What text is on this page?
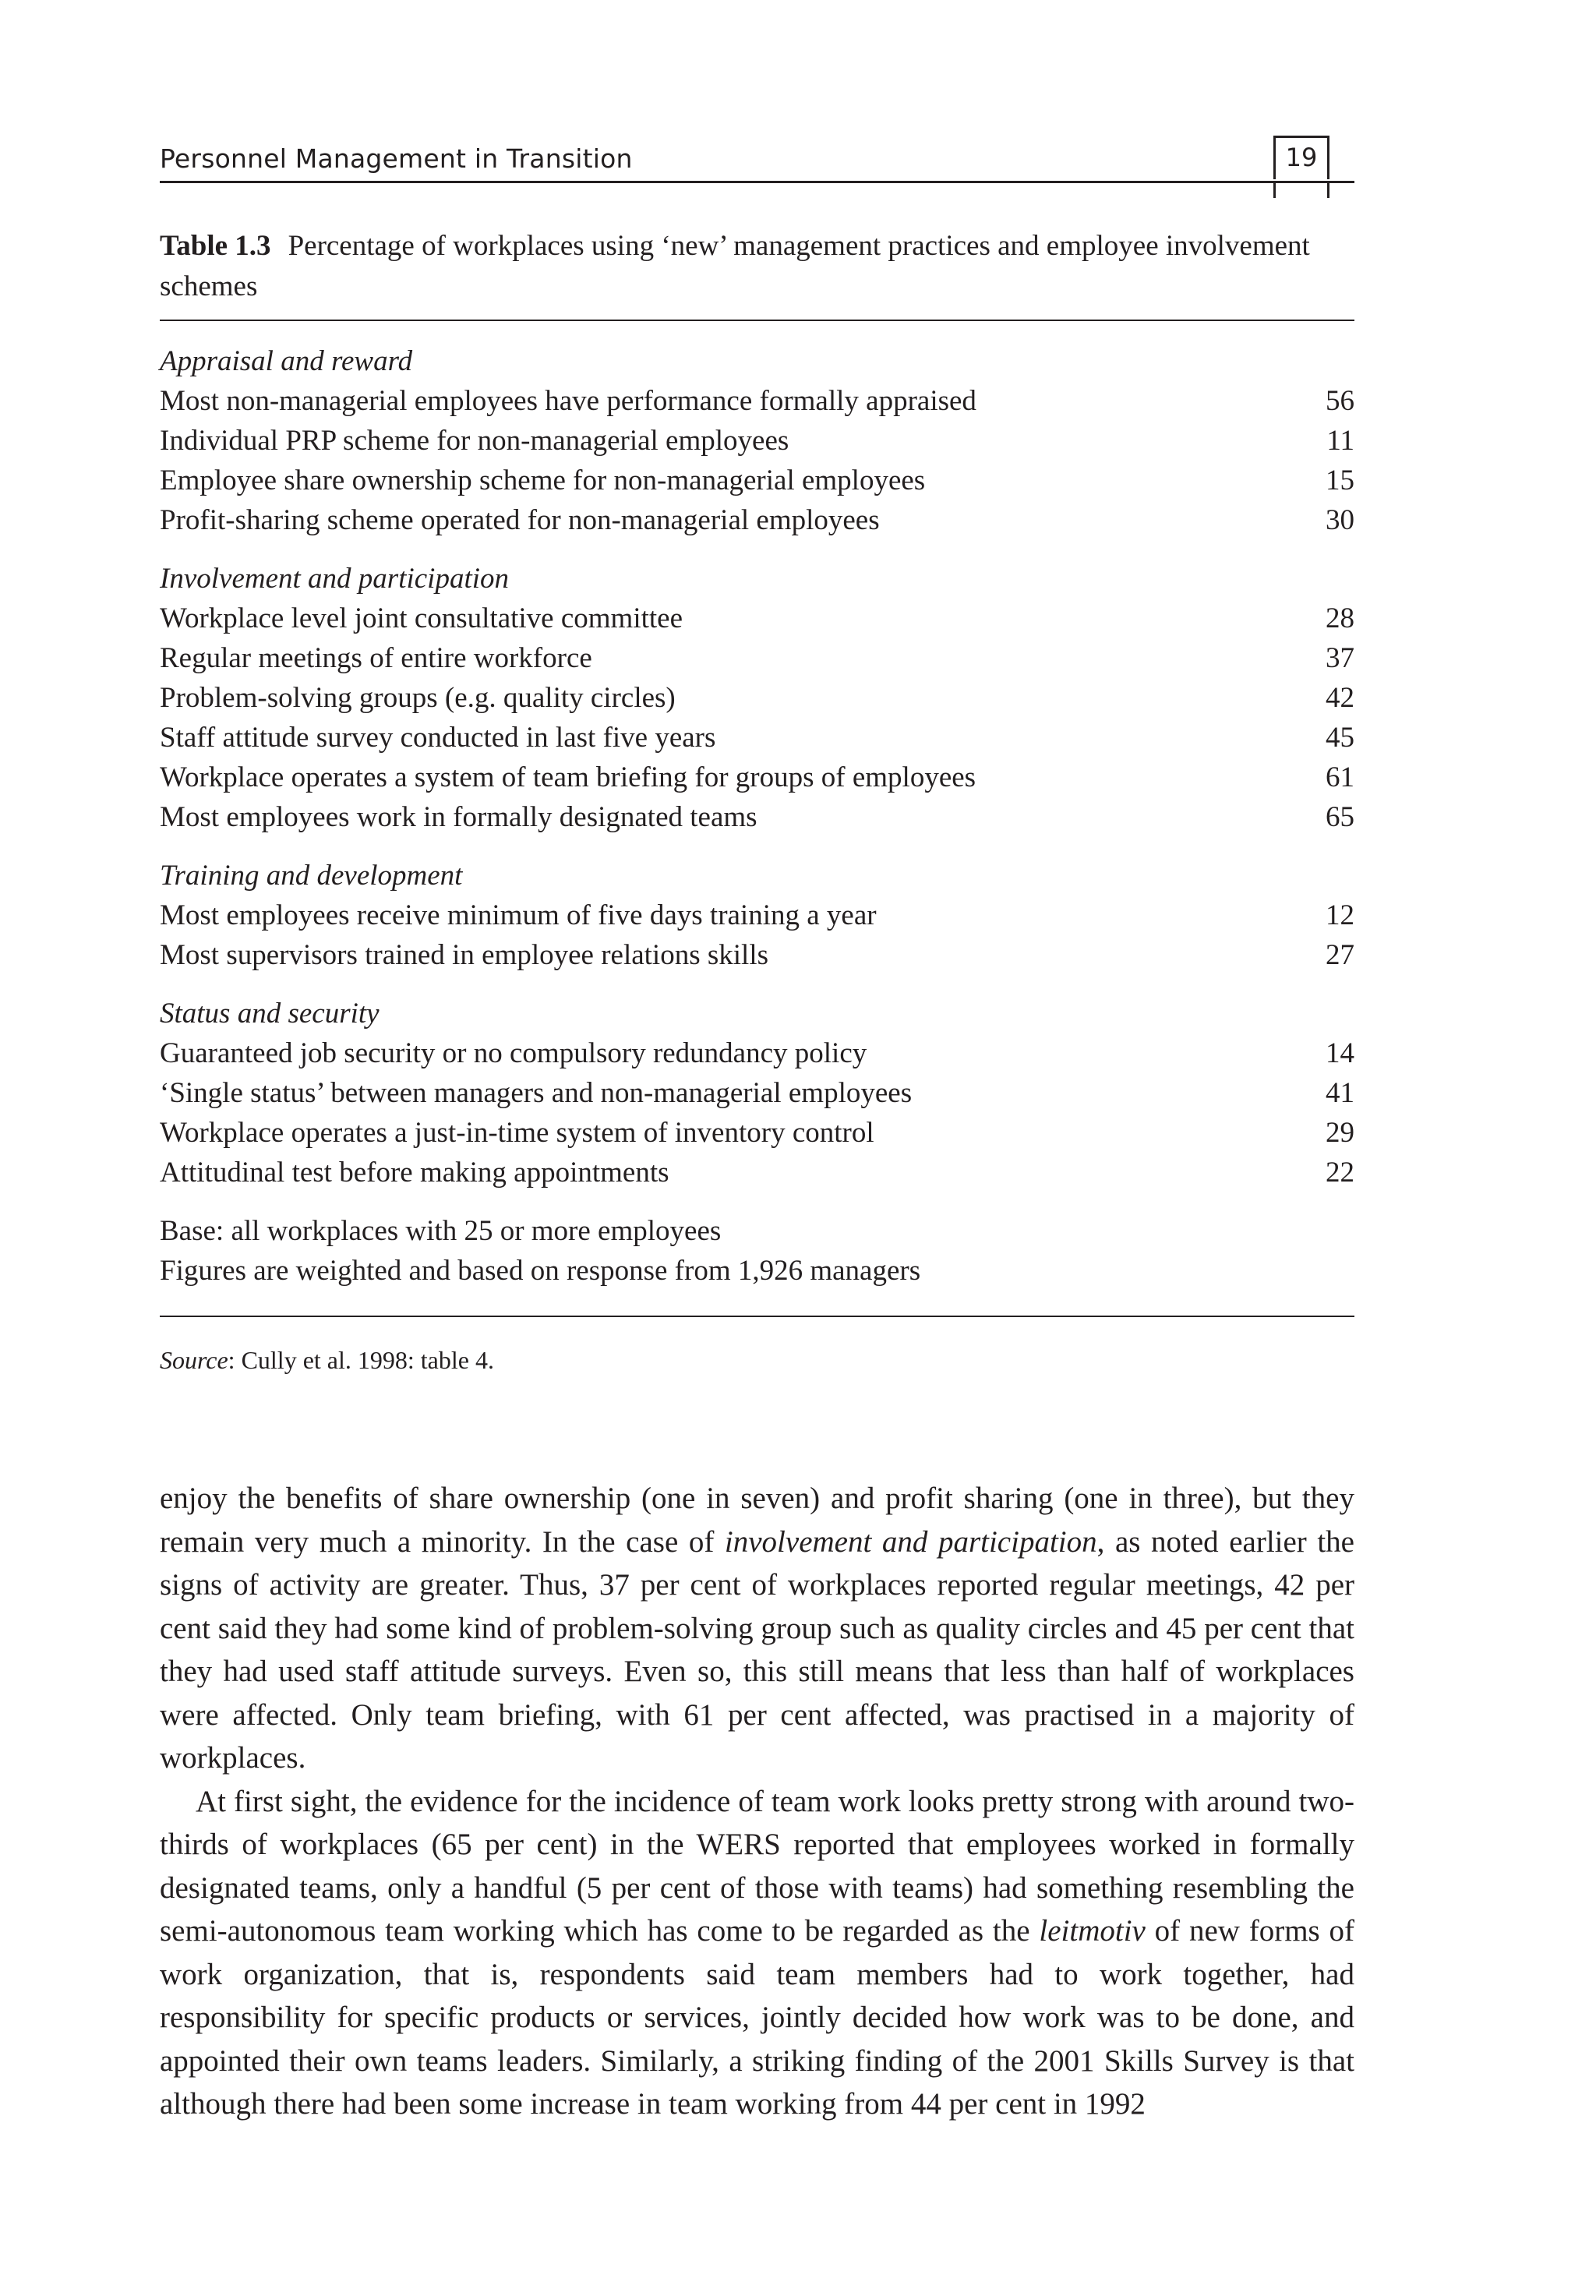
Personnel Management in Transition	19
Table 1.3 Percentage of workplaces using ‘new’ management practices and employee involvement schemes
Appraisal and reward
Most non-managerial employees have performance formally appraised	56
Individual PRP scheme for non-managerial employees	11
Employee share ownership scheme for non-managerial employees	15
Profit-sharing scheme operated for non-managerial employees	30
Involvement and participation
Workplace level joint consultative committee	28
Regular meetings of entire workforce	37
Problem-solving groups (e.g. quality circles)	42
Staff attitude survey conducted in last five years	45
Workplace operates a system of team briefing for groups of employees	61
Most employees work in formally designated teams	65
Training and development
Most employees receive minimum of five days training a year	12
Most supervisors trained in employee relations skills	27
Status and security
Guaranteed job security or no compulsory redundancy policy	14
‘Single status’ between managers and non-managerial employees	41
Workplace operates a just-in-time system of inventory control	29
Attitudinal test before making appointments	22
Base: all workplaces with 25 or more employees
Figures are weighted and based on response from 1,926 managers
Source: Cully et al. 1998: table 4.

enjoy the benefits of share ownership (one in seven) and profit sharing (one in three), but they remain very much a minority. In the case of involvement and participation, as noted earlier the signs of activity are greater. Thus, 37 per cent of workplaces reported regular meetings, 42 per cent said they had some kind of problem-solving group such as quality circles and 45 per cent that they had used staff attitude surveys. Even so, this still means that less than half of workplaces were affected. Only team briefing, with 61 per cent affected, was practised in a majority of workplaces.

At first sight, the evidence for the incidence of team work looks pretty strong with around two-thirds of workplaces (65 per cent) in the WERS reported that employees worked in formally designated teams, only a handful (5 per cent of those with teams) had something resembling the semi-autonomous team working which has come to be regarded as the leitmotiv of new forms of work organization, that is, respondents said team members had to work together, had responsibility for specific products or services, jointly decided how work was to be done, and appointed their own teams leaders. Similarly, a striking finding of the 2001 Skills Survey is that although there had been some increase in team working from 44 per cent in 1992
